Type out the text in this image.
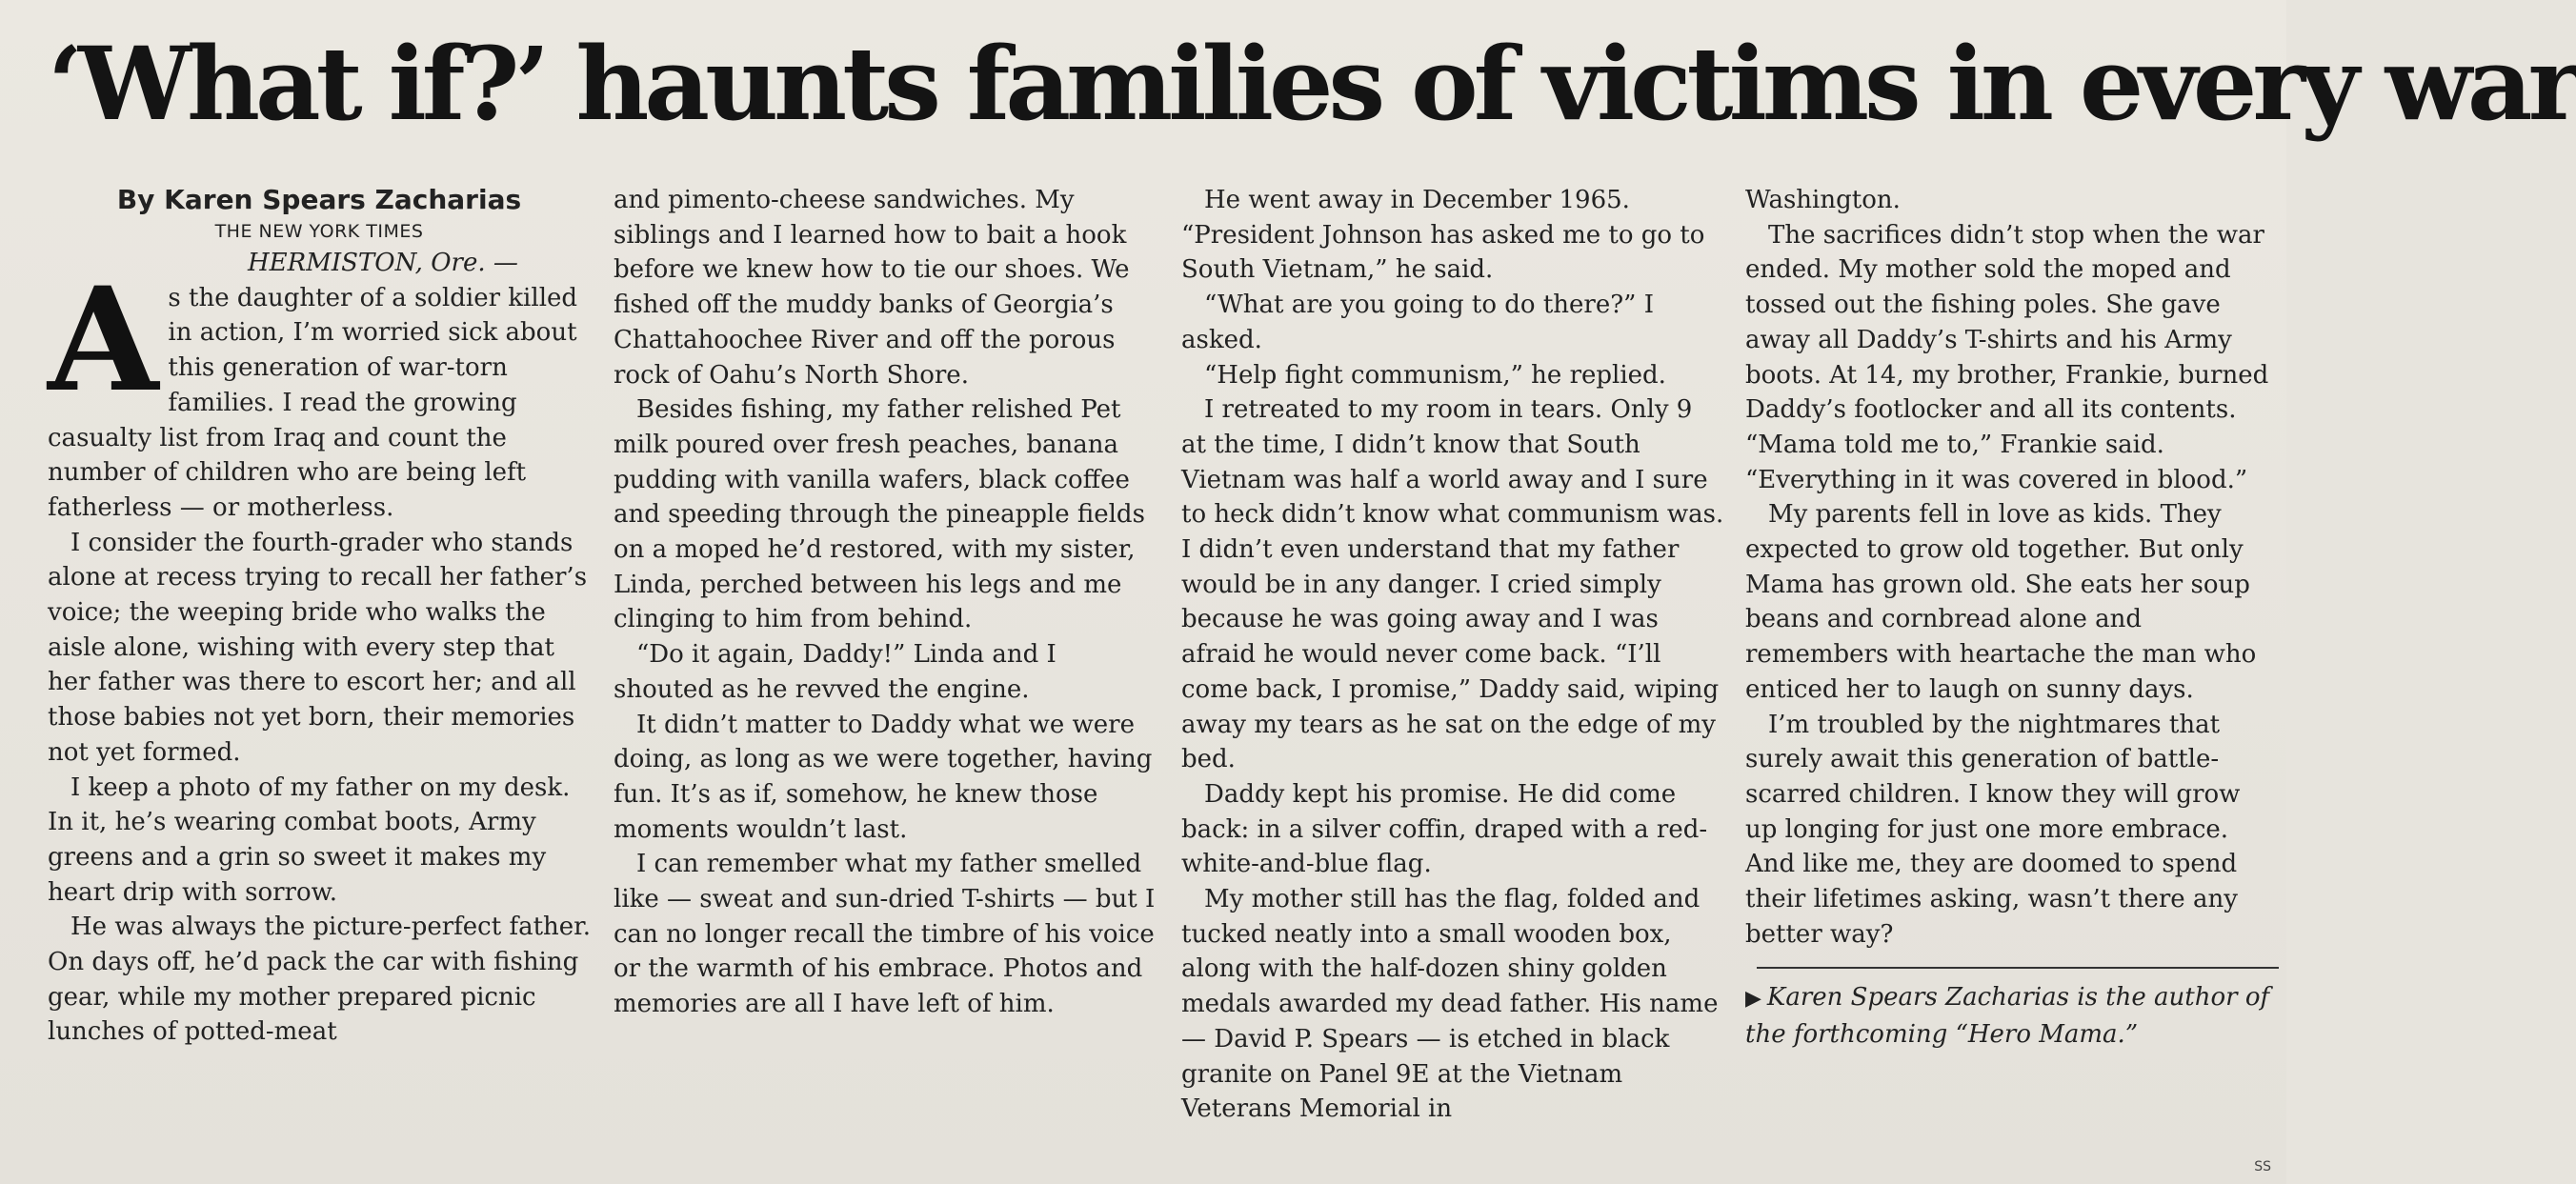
‘What if?’ haunts families of victims in every war
By Karen Spears Zacharias
THE NEW YORK TIMES

HERMISTON, Ore. —

As the daughter of a soldier killed in action, I’m worried sick about this generation of war-torn families. I read the growing casualty list from Iraq and count the number of children who are being left fatherless — or motherless.

I consider the fourth-grader who stands alone at recess trying to recall her father’s voice; the weeping bride who walks the aisle alone, wishing with every step that her father was there to escort her; and all those babies not yet born, their memories not yet formed.

I keep a photo of my father on my desk. In it, he’s wearing combat boots, Army greens and a grin so sweet it makes my heart drip with sorrow.

He was always the picture-perfect father. On days off, he’d pack the car with fishing gear, while my mother prepared picnic lunches of potted-meat

and pimento-cheese sandwiches. My siblings and I learned how to bait a hook before we knew how to tie our shoes. We fished off the muddy banks of Georgia’s Chattahoochee River and off the porous rock of Oahu’s North Shore.

Besides fishing, my father relished Pet milk poured over fresh peaches, banana pudding with vanilla wafers, black coffee and speeding through the pineapple fields on a moped he’d restored, with my sister, Linda, perched between his legs and me clinging to him from behind.

“Do it again, Daddy!” Linda and I shouted as he revved the engine.

It didn’t matter to Daddy what we were doing, as long as we were together, having fun. It’s as if, somehow, he knew those moments wouldn’t last.

I can remember what my father smelled like — sweat and sun-dried T-shirts — but I can no longer recall the timbre of his voice or the warmth of his embrace. Photos and memories are all I have left of him.

He went away in December 1965. “President Johnson has asked me to go to South Vietnam,” he said.

“What are you going to do there?” I asked.

“Help fight communism,” he replied.

I retreated to my room in tears. Only 9 at the time, I didn’t know that South Vietnam was half a world away and I sure to heck didn’t know what communism was. I didn’t even understand that my father would be in any danger. I cried simply because he was going away and I was afraid he would never come back. “I’ll come back, I promise,” Daddy said, wiping away my tears as he sat on the edge of my bed.

Daddy kept his promise. He did come back: in a silver coffin, draped with a red-white-and-blue flag.

My mother still has the flag, folded and tucked neatly into a small wooden box, along with the half-dozen shiny golden medals awarded my dead father. His name — David P. Spears — is etched in black granite on Panel 9E at the Vietnam Veterans Memorial in

Washington.

The sacrifices didn’t stop when the war ended. My mother sold the moped and tossed out the fishing poles. She gave away all Daddy’s T-shirts and his Army boots. At 14, my brother, Frankie, burned Daddy’s footlocker and all its contents. “Mama told me to,” Frankie said. “Everything in it was covered in blood.”

My parents fell in love as kids. They expected to grow old together. But only Mama has grown old. She eats her soup beans and cornbread alone and remembers with heartache the man who enticed her to laugh on sunny days.

I’m troubled by the nightmares that surely await this generation of battle-scarred children. I know they will grow up longing for just one more embrace. And like me, they are doomed to spend their lifetimes asking, wasn’t there any better way?

▶ Karen Spears Zacharias is the author of the forthcoming “Hero Mama.”

SS
